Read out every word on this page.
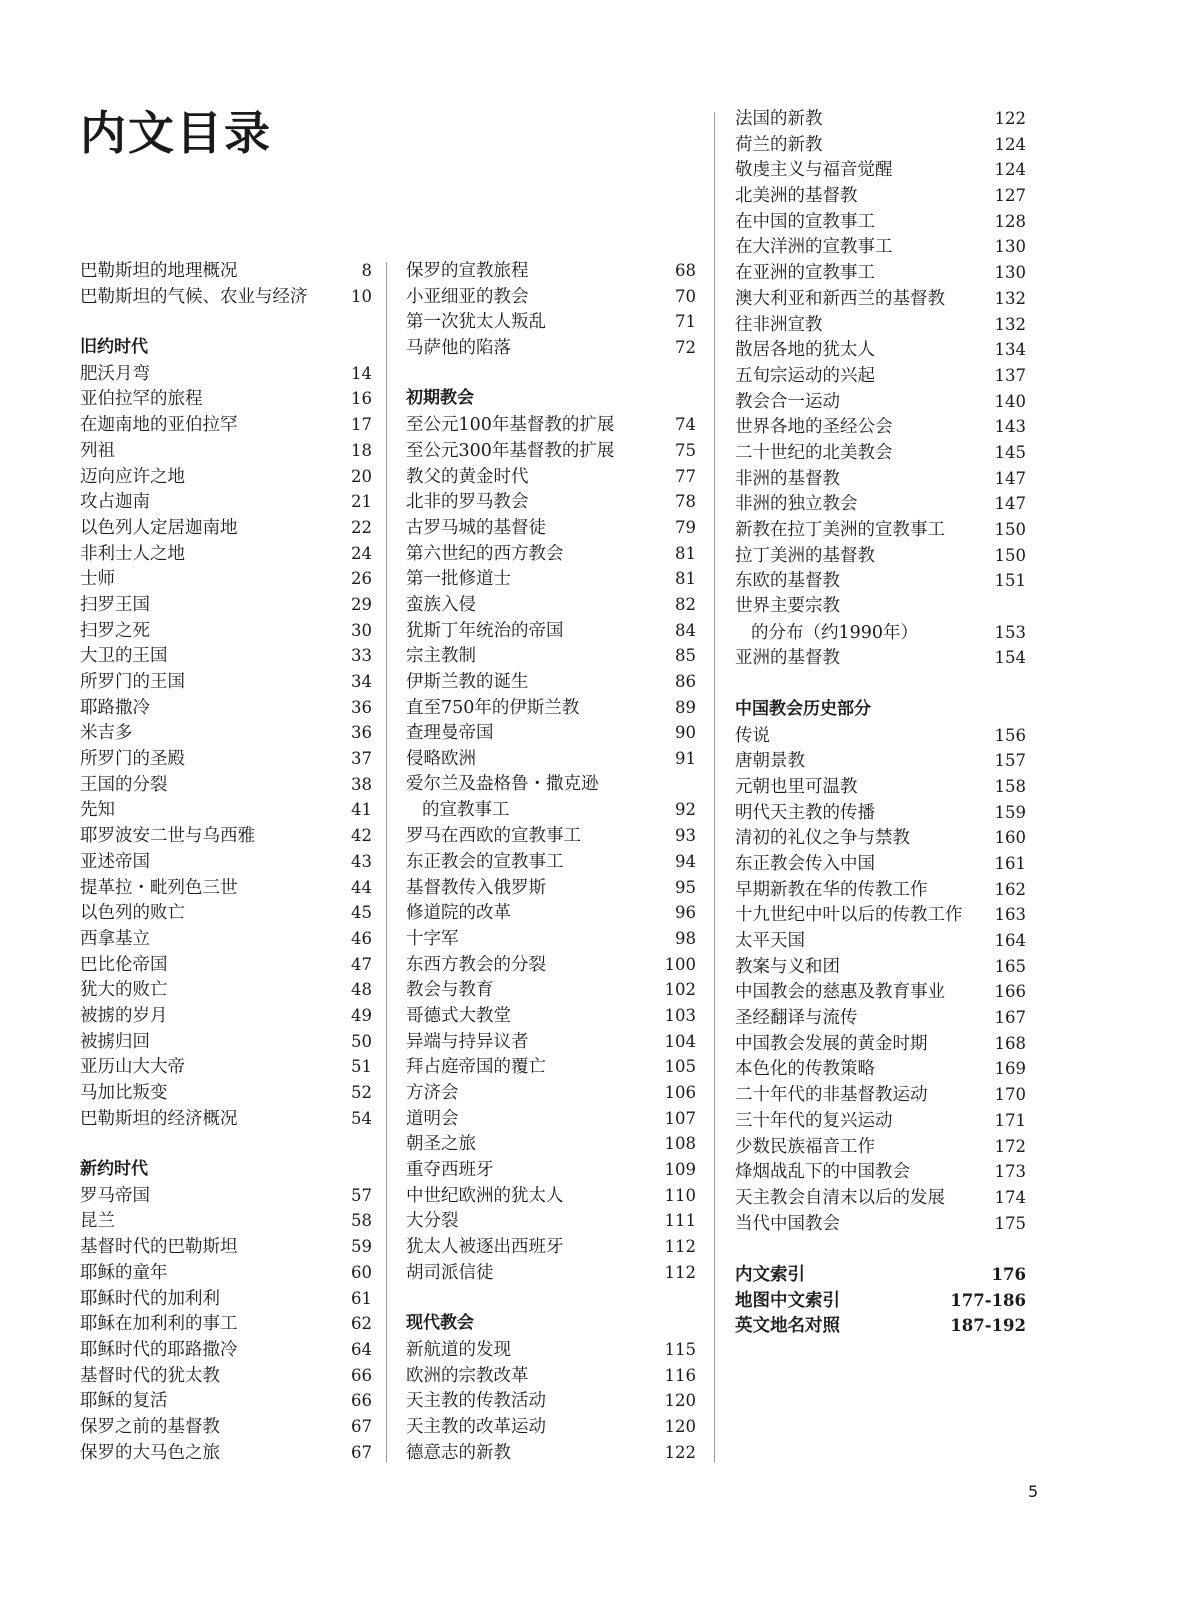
内文目录
巴勒斯坦的地理概况	8
巴勒斯坦的气候、农业与经济	10
旧约时代
肥沃月弯	14
亚伯拉罕的旅程	16
在迦南地的亚伯拉罕	17
列祖	18
迈向应许之地	20
攻占迦南	21
以色列人定居迦南地	22
非利士人之地	24
士师	26
扫罗王国	29
扫罗之死	30
大卫的王国	33
所罗门的王国	34
耶路撒冷	36
米吉多	36
所罗门的圣殿	37
王国的分裂	38
先知	41
耶罗波安二世与乌西雅	42
亚述帝国	43
提革拉・毗列色三世	44
以色列的败亡	45
西拿基立	46
巴比伦帝国	47
犹大的败亡	48
被掳的岁月	49
被掳归回	50
亚历山大大帝	51
马加比叛变	52
巴勒斯坦的经济概况	54
新约时代
罗马帝国	57
昆兰	58
基督时代的巴勒斯坦	59
耶稣的童年	60
耶稣时代的加利利	61
耶稣在加利利的事工	62
耶稣时代的耶路撒冷	64
基督时代的犹太教	66
耶稣的复活	66
保罗之前的基督教	67
保罗的大马色之旅	67
保罗的宣教旅程	68
小亚细亚的教会	70
第一次犹太人叛乱	71
马萨他的陷落	72
初期教会
至公元100年基督教的扩展	74
至公元300年基督教的扩展	75
教父的黄金时代	77
北非的罗马教会	78
古罗马城的基督徒	79
第六世纪的西方教会	81
第一批修道士	81
蛮族入侵	82
犹斯丁年统治的帝国	84
宗主教制	85
伊斯兰教的诞生	86
直至750年的伊斯兰教	89
查理曼帝国	90
侵略欧洲	91
爱尔兰及盎格鲁・撒克逊
的宣教事工	92
罗马在西欧的宣教事工	93
东正教会的宣教事工	94
基督教传入俄罗斯	95
修道院的改革	96
十字军	98
东西方教会的分裂	100
教会与教育	102
哥德式大教堂	103
异端与持异议者	104
拜占庭帝国的覆亡	105
方济会	106
道明会	107
朝圣之旅	108
重夺西班牙	109
中世纪欧洲的犹太人	110
大分裂	111
犹太人被逐出西班牙	112
胡司派信徒	112
现代教会
新航道的发现	115
欧洲的宗教改革	116
天主教的传教活动	120
天主教的改革运动	120
德意志的新教	122
法国的新教	122
荷兰的新教	124
敬虔主义与福音觉醒	124
北美洲的基督教	127
在中国的宣教事工	128
在大洋洲的宣教事工	130
在亚洲的宣教事工	130
澳大利亚和新西兰的基督教	132
往非洲宣教	132
散居各地的犹太人	134
五旬宗运动的兴起	137
教会合一运动	140
世界各地的圣经公会	143
二十世纪的北美教会	145
非洲的基督教	147
非洲的独立教会	147
新教在拉丁美洲的宣教事工	150
拉丁美洲的基督教	150
东欧的基督教	151
世界主要宗教
的分布（约1990年）	153
亚洲的基督教	154
中国教会历史部分
传说	156
唐朝景教	157
元朝也里可温教	158
明代天主教的传播	159
清初的礼仪之争与禁教	160
东正教会传入中国	161
早期新教在华的传教工作	162
十九世纪中叶以后的传教工作	163
太平天国	164
教案与义和团	165
中国教会的慈惠及教育事业	166
圣经翻译与流传	167
中国教会发展的黄金时期	168
本色化的传教策略	169
二十年代的非基督教运动	170
三十年代的复兴运动	171
少数民族福音工作	172
烽烟战乱下的中国教会	173
天主教会自清末以后的发展	174
当代中国教会	175
内文索引	176
地图中文索引	177-186
英文地名对照	187-192
5
